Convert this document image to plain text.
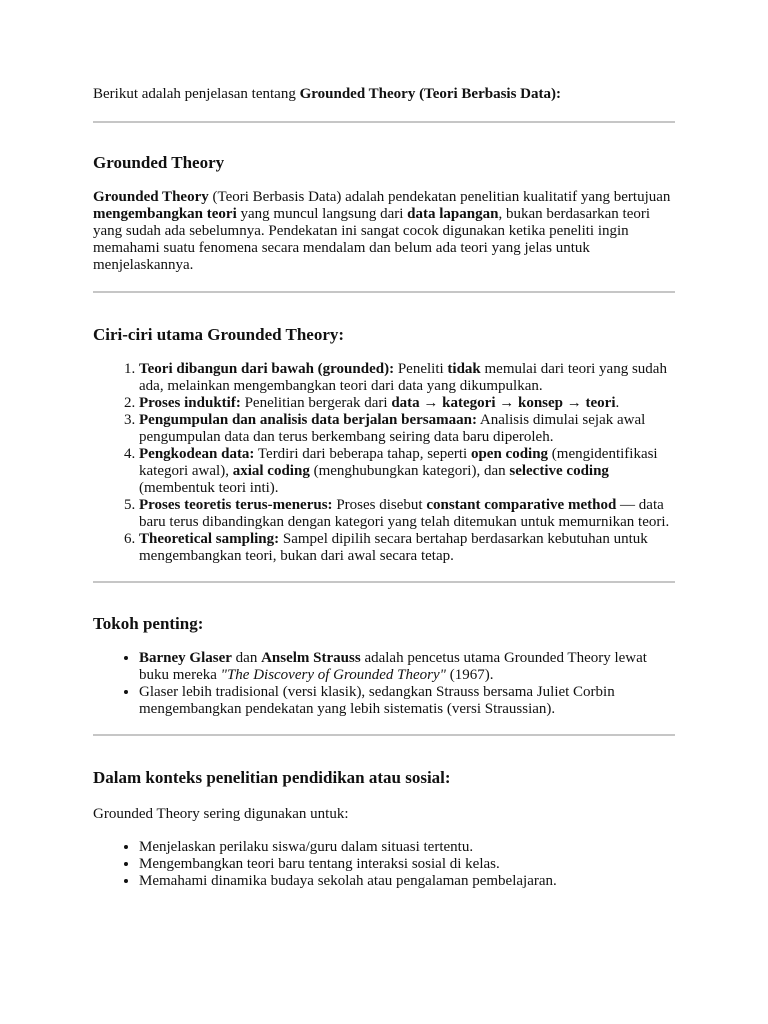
Berikut adalah penjelasan tentang Grounded Theory (Teori Berbasis Data):

Grounded Theory

Grounded Theory (Teori Berbasis Data) adalah pendekatan penelitian kualitatif yang bertujuan mengembangkan teori yang muncul langsung dari data lapangan, bukan berdasarkan teori yang sudah ada sebelumnya. Pendekatan ini sangat cocok digunakan ketika peneliti ingin memahami suatu fenomena secara mendalam dan belum ada teori yang jelas untuk menjelaskannya.

Ciri-ciri utama Grounded Theory:
1. Teori dibangun dari bawah (grounded): Peneliti tidak memulai dari teori yang sudah ada, melainkan mengembangkan teori dari data yang dikumpulkan.
2. Proses induktif: Penelitian bergerak dari data → kategori → konsep → teori.
3. Pengumpulan dan analisis data berjalan bersamaan: Analisis dimulai sejak awal pengumpulan data dan terus berkembang seiring data baru diperoleh.
4. Pengkodean data: Terdiri dari beberapa tahap, seperti open coding (mengidentifikasi kategori awal), axial coding (menghubungkan kategori), dan selective coding (membentuk teori inti).
5. Proses teoretis terus-menerus: Proses disebut constant comparative method — data baru terus dibandingkan dengan kategori yang telah ditemukan untuk memurnikan teori.
6. Theoretical sampling: Sampel dipilih secara bertahap berdasarkan kebutuhan untuk mengembangkan teori, bukan dari awal secara tetap.
Tokoh penting:
• Barney Glaser dan Anselm Strauss adalah pencetus utama Grounded Theory lewat buku mereka "The Discovery of Grounded Theory" (1967).
• Glaser lebih tradisional (versi klasik), sedangkan Strauss bersama Juliet Corbin mengembangkan pendekatan yang lebih sistematis (versi Straussian).
Dalam konteks penelitian pendidikan atau sosial:

Grounded Theory sering digunakan untuk:

• Menjelaskan perilaku siswa/guru dalam situasi tertentu.
• Mengembangkan teori baru tentang interaksi sosial di kelas.
• Memahami dinamika budaya sekolah atau pengalaman pembelajaran.
